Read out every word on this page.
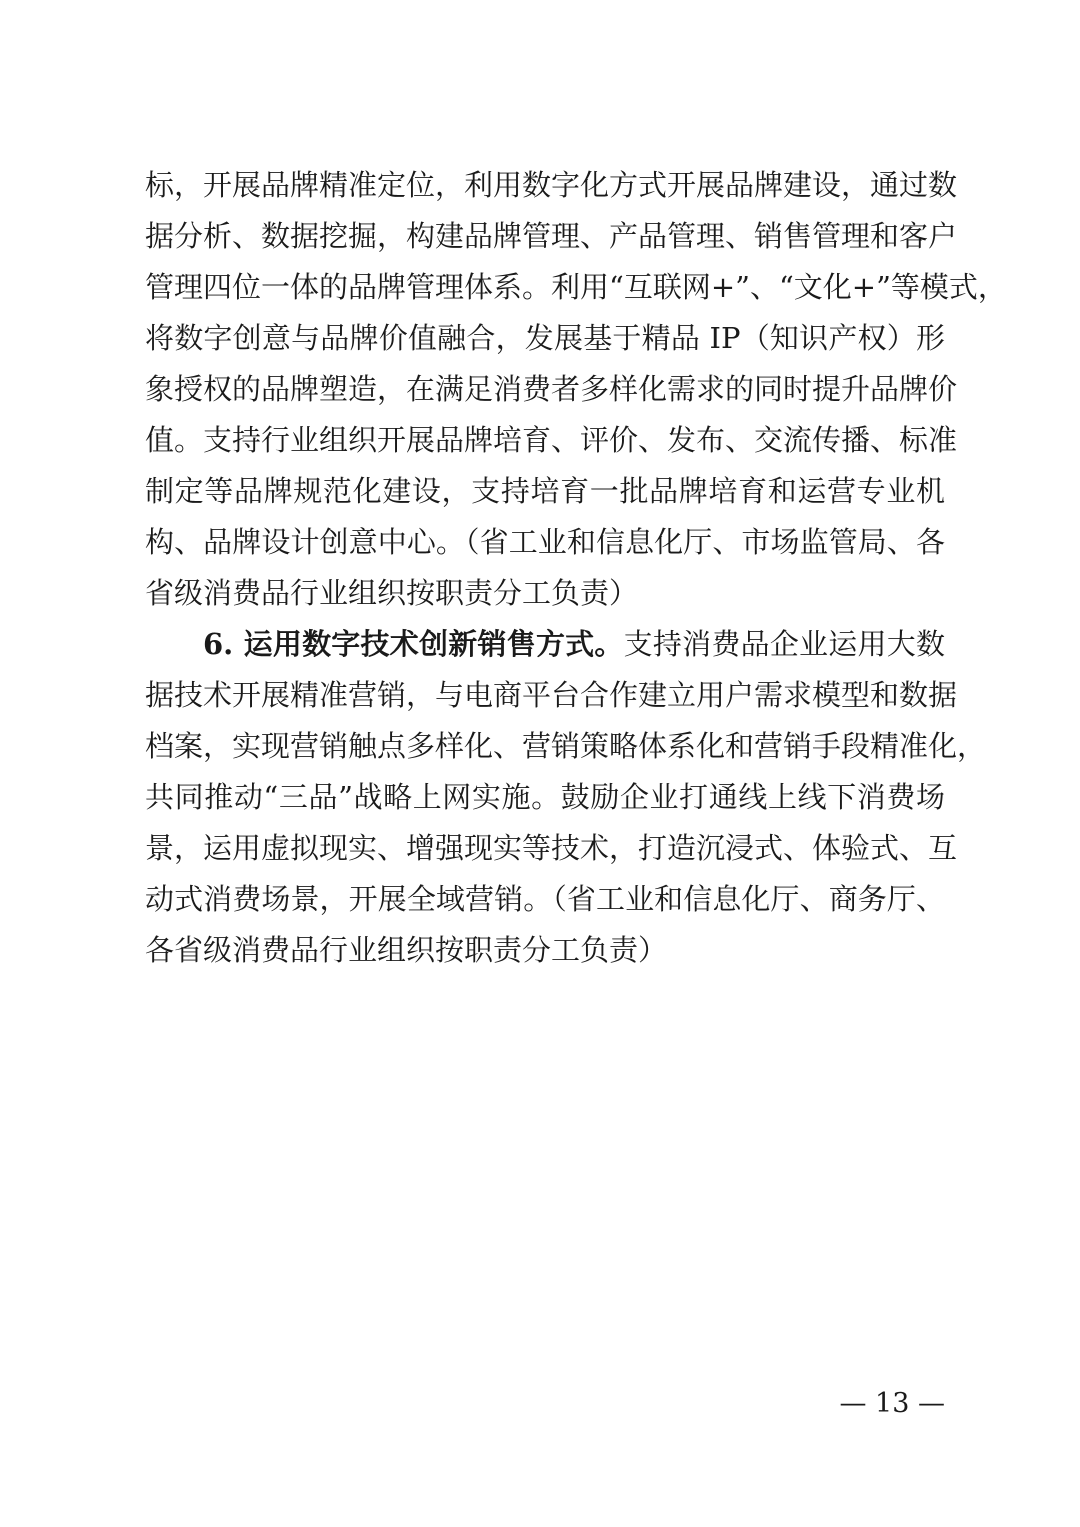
标，开展品牌精准定位，利用数字化方式开展品牌建设，通过数
据分析、数据挖掘，构建品牌管理、产品管理、销售管理和客户
管理四位一体的品牌管理体系。利用“互联网+”、“文化+”等模式，
将数字创意与品牌价值融合，发展基于精品 IP（知识产权）形
象授权的品牌塑造，在满足消费者多样化需求的同时提升品牌价
值。支持行业组织开展品牌培育、评价、发布、交流传播、标准
制定等品牌规范化建设，支持培育一批品牌培育和运营专业机
构、品牌设计创意中心。（省工业和信息化厅、市场监管局、各
省级消费品行业组织按职责分工负责）
6. 运用数字技术创新销售方式。支持消费品企业运用大数
据技术开展精准营销，与电商平台合作建立用户需求模型和数据
档案，实现营销触点多样化、营销策略体系化和营销手段精准化，
共同推动“三品”战略上网实施。鼓励企业打通线上线下消费场
景，运用虚拟现实、增强现实等技术，打造沉浸式、体验式、互
动式消费场景，开展全域营销。（省工业和信息化厅、商务厅、
各省级消费品行业组织按职责分工负责）
— 13 —
